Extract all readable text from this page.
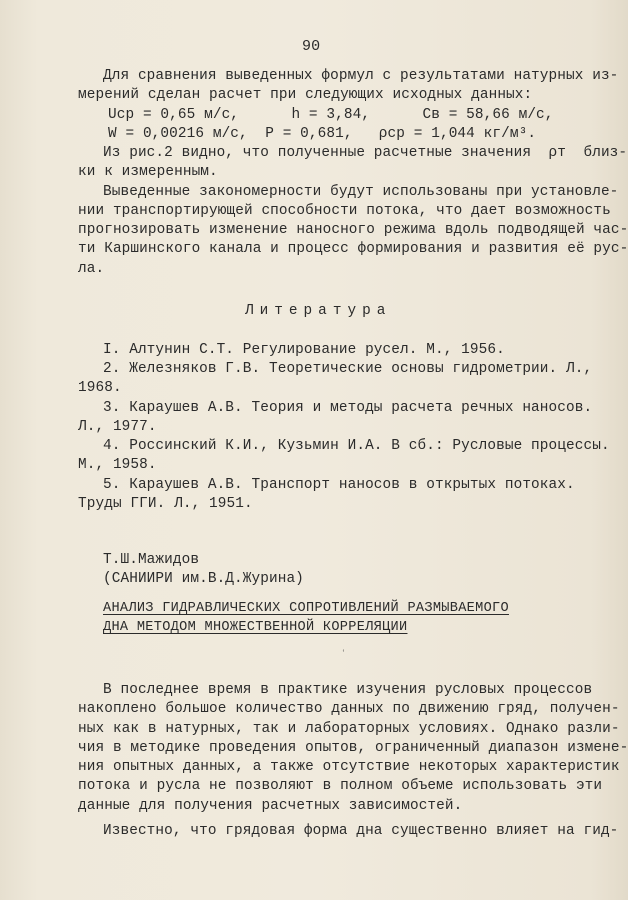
90
Для сравнения выведенных формул с результатами натурных из-
мерений сделан расчет при следующих исходных данных:
Uср = 0,65 м/с,      h = 3,84,      Cв = 58,66 м/с,
W = 0,00216 м/с,  P = 0,681,   ρср = 1,044 кг/м³.
Из рис.2 видно, что полученные расчетные значения  ρт  близ-
ки к измеренным.
Выведенные закономерности будут использованы при установле-
нии транспортирующей способности потока, что дает возможность
прогнозировать изменение наносного режима вдоль подводящей час-
ти Каршинского канала и процесс формирования и развития её рус-
ла.
Литература
I. Алтунин С.Т. Регулирование русел. М., 1956.
2. Железняков Г.В. Теоретические основы гидрометрии. Л.,
1968.
3. Караушев А.В. Теория и методы расчета речных наносов.
Л., 1977.
4. Россинский К.И., Кузьмин И.А. В сб.: Русловые процессы.
М., 1958.
5. Караушев А.В. Транспорт наносов в открытых потоках.
Труды ГГИ. Л., 1951.
Т.Ш.Мажидов
(САНИИРИ им.В.Д.Журина)
АНАЛИЗ ГИДРАВЛИЧЕСКИХ СОПРОТИВЛЕНИЙ РАЗМЫВАЕМОГО
ДНА МЕТОДОМ МНОЖЕСТВЕННОЙ КОРРЕЛЯЦИИ
ʿ
В последнее время в практике изучения русловых процессов
накоплено большое количество данных по движению гряд, получен-
ных как в натурных, так и лабораторных условиях. Однако разли-
чия в методике проведения опытов, ограниченный диапазон измене-
ния опытных данных, а также отсутствие некоторых характеристик
потока и русла не позволяют в полном объеме использовать эти
данные для получения расчетных зависимостей.
Известно, что грядовая форма дна существенно влияет на гид-
